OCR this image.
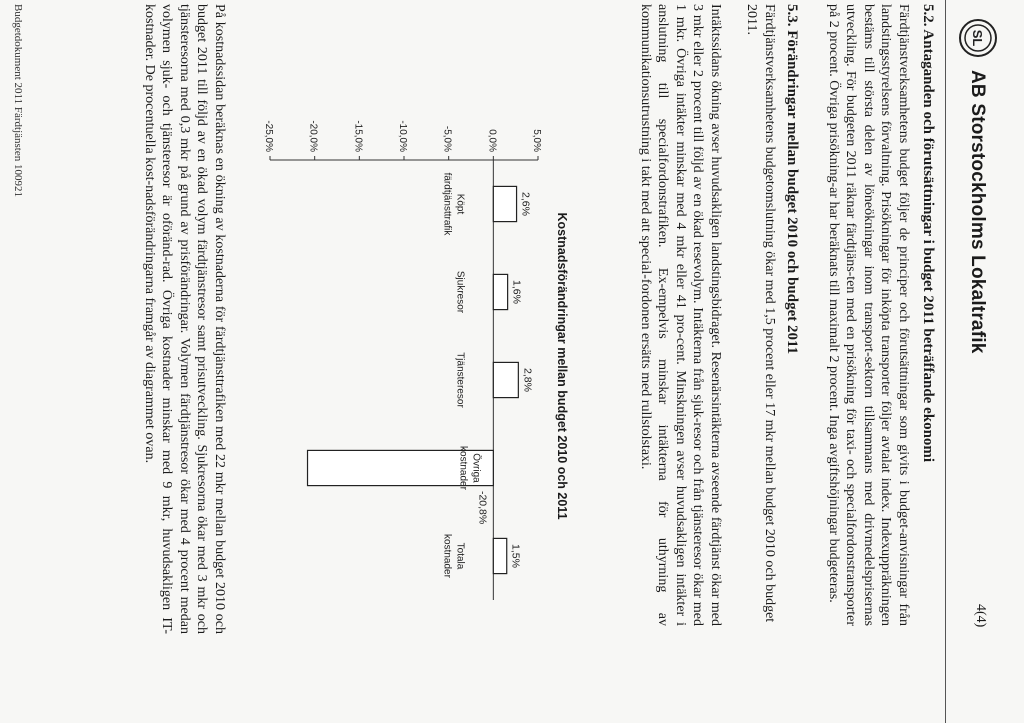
SL
AB Storstockholms Lokaltrafik
4(4)
5.2. Antaganden och förutsättningar i budget 2011 beträffande ekonomi
Färdtjänstverksamhetens budget följer de principer och förutsättningar som givits i budget-anvisningar från landstingsstyrelsens förvaltning. Prisökningar för inköpta transporter följer avtalat index. Indexuppräkningen bestäms till största delen av löneökningar inom transport-sektorn tillsammans med drivmedelsprisernas utveckling. För budgeten 2011 räknar färdtjäns-ten med en prisökning för taxi- och specialfordonstransporter på 2 procent. Övriga prisökning-ar har beräknats till maximalt 2 procent. Inga avgiftshöjningar budgeteras.
5.3. Förändringar mellan budget 2010 och budget 2011
Färdtjänstverksamhetens budgetomslutning ökar med 1,5 procent eller 17 mkr mellan budget 2010 och budget 2011.
Intäktssidans ökning avser huvudsakligen landstingsbidraget. Resenärsintäkterna avseende färdtjänst ökar med 3 mkr eller 2 procent till följd av en ökad resevolym. Intäkterna från sjuk-resor och från tjänsteresor ökar med 1 mkr. Övriga intäkter minskar med 4 mkr eller 41 pro-cent. Minskningen avser huvudsakligen intäkter i anslutning till specialfordonstrafiken. Ex-empelvis minskar intäkterna för uthyrning av kommunikationsutrustning i takt med att special-fordonen ersätts med rullstolstaxi.
Kostnadsförändringar mellan budget 2010 och 2011
5,0%
0,0%
-5,0%
-10,0%
-15,0%
-20,0%
-25,0%
2,6%
Köptfärdtjänsttrafik
1,6%
Sjukresor
2,8%
Tjänsteresor
-20,8%
Övrigakostnader
1,5%
Totalakostnader
På kostnadssidan beräknas en ökning av kostnaderna för färdtjänsttrafiken med 22 mkr mellan budget 2010 och budget 2011 till följd av en ökad volym färdtjänstresor samt prisutveckling. Sjukresorna ökar med 3 mkr och tjänsteresorna med 0,3 mkr på grund av prisförändringar. Volymen färdtjänstresor ökar med 4 procent medan volymen sjuk- och tjänsteresor är oföränd-rad. Övriga kostnader minskar med 9 mkr, huvudsakligen IT-kostnader. De procentuella kost-nadsförändringarna framgår av diagrammet ovan.
Budgetdokument 2011 Färdtjänsten 100921
